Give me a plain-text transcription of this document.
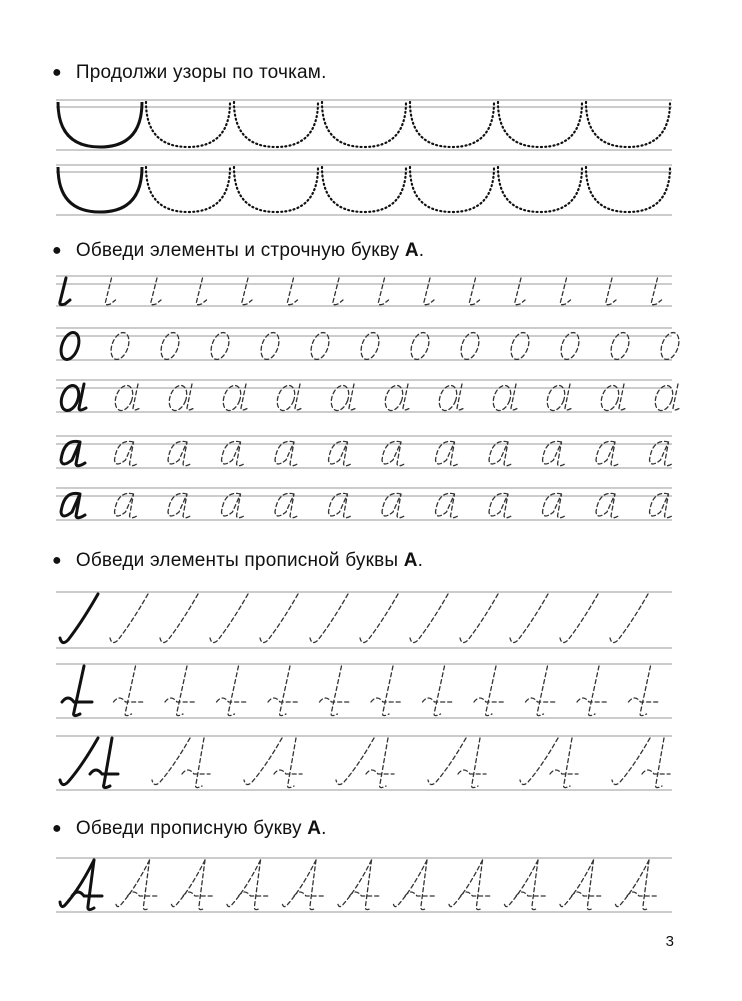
● Продолжи узоры по точкам.
● Обведи элементы и строчную букву А.
● Обведи элементы прописной буквы А.
● Обведи прописную букву А.
3
